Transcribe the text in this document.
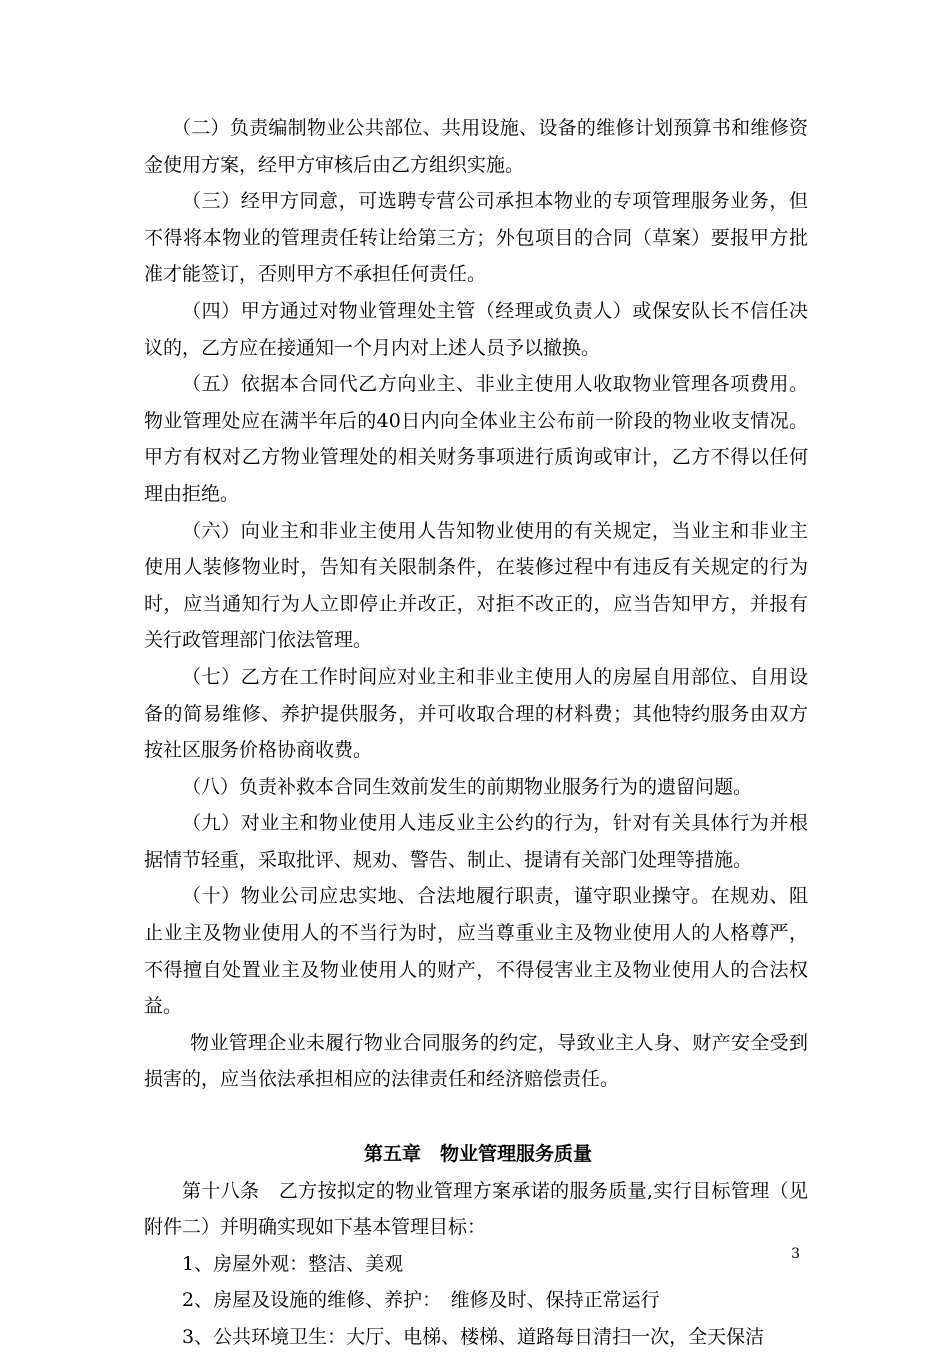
（二）负责编制物业公共部位、共用设施、设备的维修计划预算书和维修资金使用方案，经甲方审核后由乙方组织实施。

（三）经甲方同意，可选聘专营公司承担本物业的专项管理服务业务，但不得将本物业的管理责任转让给第三方；外包项目的合同（草案）要报甲方批准才能签订，否则甲方不承担任何责任。

（四）甲方通过对物业管理处主管（经理或负责人）或保安队长不信任决议的，乙方应在接通知一个月内对上述人员予以撤换。

（五）依据本合同代乙方向业主、非业主使用人收取物业管理各项费用。物业管理处应在满半年后的40日内向全体业主公布前一阶段的物业收支情况。甲方有权对乙方物业管理处的相关财务事项进行质询或审计，乙方不得以任何理由拒绝。

（六）向业主和非业主使用人告知物业使用的有关规定，当业主和非业主使用人装修物业时，告知有关限制条件，在装修过程中有违反有关规定的行为时，应当通知行为人立即停止并改正，对拒不改正的，应当告知甲方，并报有关行政管理部门依法管理。

（七）乙方在工作时间应对业主和非业主使用人的房屋自用部位、自用设备的简易维修、养护提供服务，并可收取合理的材料费；其他特约服务由双方按社区服务价格协商收费。

（八）负责补救本合同生效前发生的前期物业服务行为的遗留问题。

（九）对业主和物业使用人违反业主公约的行为，针对有关具体行为并根据情节轻重，采取批评、规劝、警告、制止、提请有关部门处理等措施。

（十）物业公司应忠实地、合法地履行职责，谨守职业操守。在规劝、阻止业主及物业使用人的不当行为时，应当尊重业主及物业使用人的人格尊严，不得擅自处置业主及物业使用人的财产，不得侵害业主及物业使用人的合法权益。

物业管理企业未履行物业合同服务的约定，导致业主人身、财产安全受到损害的，应当依法承担相应的法律责任和经济赔偿责任。

第五章　物业管理服务质量

第十八条　乙方按拟定的物业管理方案承诺的服务质量,实行目标管理（见附件二）并明确实现如下基本管理目标：

1、房屋外观：整洁、美观

2、房屋及设施的维修、养护：　维修及时、保持正常运行

3、公共环境卫生：大厅、电梯、楼梯、道路每日清扫一次，全天保洁

3
